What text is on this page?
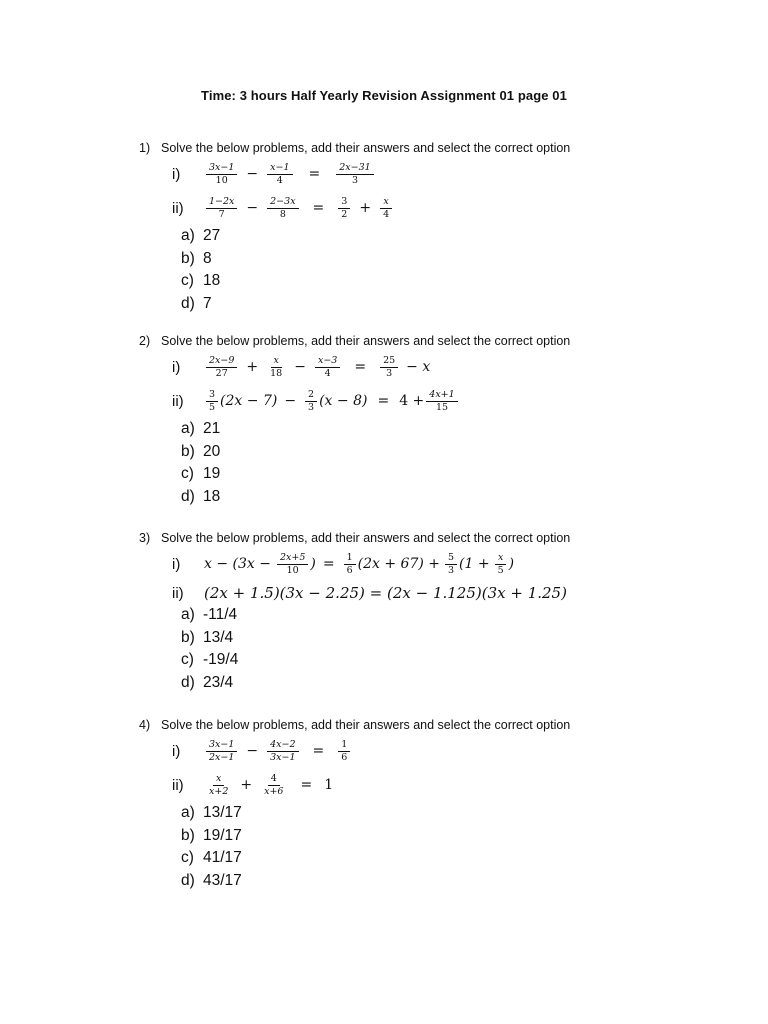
Time: 3 hours Half Yearly Revision Assignment 01 page 01
1) Solve the below problems, add their answers and select the correct option
i)	$\frac{3x-1}{10} - \frac{x-1}{4} = \frac{2x-31}{3}$
ii)	$\frac{1-2x}{7} - \frac{2-3x}{8} = \frac{3}{2} + \frac{x}{4}$
a) 27
b) 8
c) 18
d) 7
2) Solve the below problems, add their answers and select the correct option
i)	$\frac{2x-9}{27} + \frac{x}{18} - \frac{x-3}{4} = \frac{25}{3} - x$
ii)	$\frac{3}{5} (2x - 7) - \frac{2}{3} (x - 8) = 4 + \frac{4x+1}{15}$
a) 21
b) 20
c) 19
d) 18
3) Solve the below problems, add their answers and select the correct option
i)	$x - (3x - \frac{2x+5}{10}$ ) = $\frac{1}{6} (2x + 67) + \frac{5}{3} (1 + \frac{x}{5}$ )
ii)	(2x + 1.5)(3x − 2.25) = (2x − 1.125)(3x + 1.25)
a) -11/4
b) 13/4
c) -19/4
d) 23/4
4) Solve the below problems, add their answers and select the correct option
i)	$\frac{3x-1}{2x-1} - \frac{4x-2}{3x-1} = \frac{1}{6}$
ii)	$\frac{x}{x+2} + \frac{4}{x+6} = 1$
a) 13/17
b) 19/17
c) 41/17
d) 43/17
